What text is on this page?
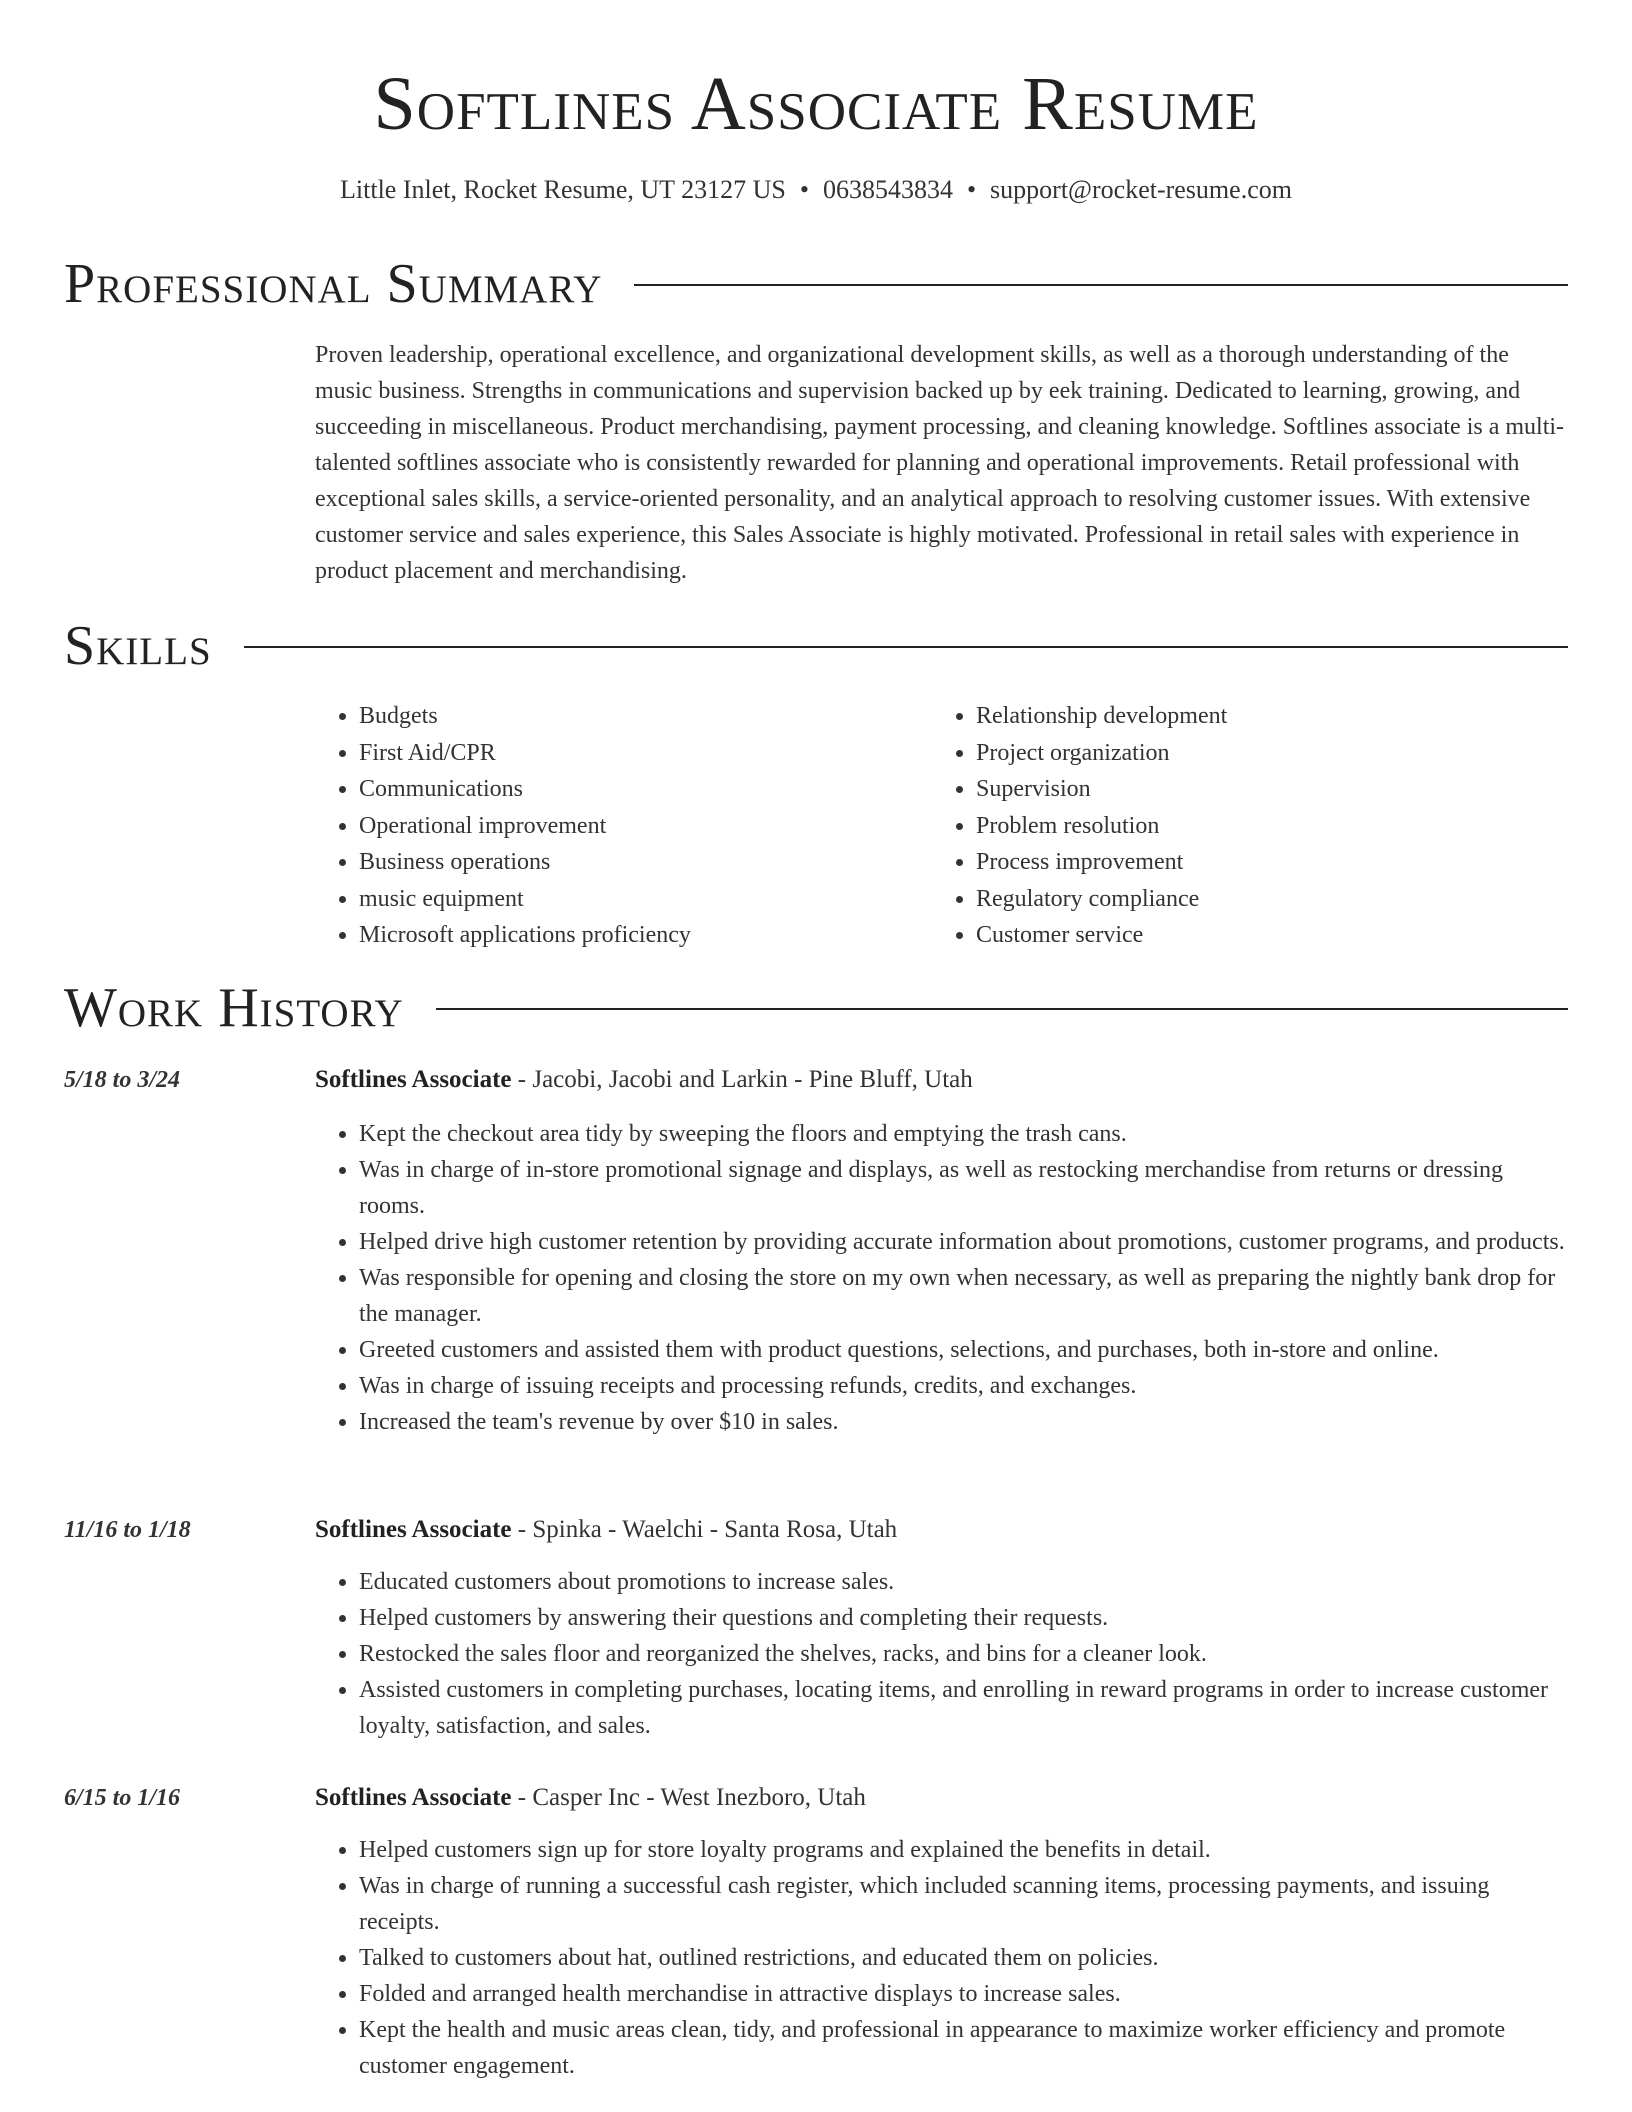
Softlines Associate Resume
Little Inlet, Rocket Resume, UT 23127 US • 0638543834 • support@rocket-resume.com
Professional Summary

Proven leadership, operational excellence, and organizational development skills, as well as a thorough understanding of the music business. Strengths in communications and supervision backed up by eek training. Dedicated to learning, growing, and succeeding in miscellaneous. Product merchandising, payment processing, and cleaning knowledge. Softlines associate is a multi-talented softlines associate who is consistently rewarded for planning and operational improvements. Retail professional with exceptional sales skills, a service-oriented personality, and an analytical approach to resolving customer issues. With extensive customer service and sales experience, this Sales Associate is highly motivated. Professional in retail sales with experience in product placement and merchandising.

Skills
• Budgets
• First Aid/CPR
• Communications
• Operational improvement
• Business operations
• music equipment
• Microsoft applications proficiency
• Relationship development
• Project organization
• Supervision
• Problem resolution
• Process improvement
• Regulatory compliance
• Customer service
Work History
5/18 to 3/24	Softlines Associate - Jacobi, Jacobi and Larkin - Pine Bluff, Utah
• Kept the checkout area tidy by sweeping the floors and emptying the trash cans.
• Was in charge of in-store promotional signage and displays, as well as restocking merchandise from returns or dressing rooms.
• Helped drive high customer retention by providing accurate information about promotions, customer programs, and products.
• Was responsible for opening and closing the store on my own when necessary, as well as preparing the nightly bank drop for the manager.
• Greeted customers and assisted them with product questions, selections, and purchases, both in-store and online.
• Was in charge of issuing receipts and processing refunds, credits, and exchanges.
• Increased the team's revenue by over $10 in sales.
11/16 to 1/18	Softlines Associate - Spinka - Waelchi - Santa Rosa, Utah
• Educated customers about promotions to increase sales.
• Helped customers by answering their questions and completing their requests.
• Restocked the sales floor and reorganized the shelves, racks, and bins for a cleaner look.
• Assisted customers in completing purchases, locating items, and enrolling in reward programs in order to increase customer loyalty, satisfaction, and sales.
6/15 to 1/16	Softlines Associate - Casper Inc - West Inezboro, Utah
• Helped customers sign up for store loyalty programs and explained the benefits in detail.
• Was in charge of running a successful cash register, which included scanning items, processing payments, and issuing receipts.
• Talked to customers about hat, outlined restrictions, and educated them on policies.
• Folded and arranged health merchandise in attractive displays to increase sales.
• Kept the health and music areas clean, tidy, and professional in appearance to maximize worker efficiency and promote customer engagement.
